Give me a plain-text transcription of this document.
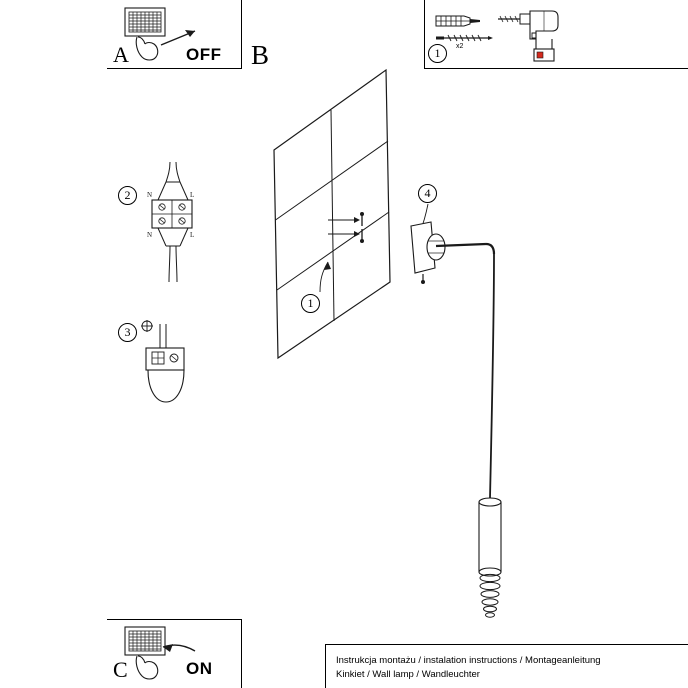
A	OFF	x2
1
B
2
N	L
N	L
3
1
4
C	ON	Instrukcja montażu / instalation instructions / Montageanleitung
Kinkiet / Wall lamp / Wandleuchter
